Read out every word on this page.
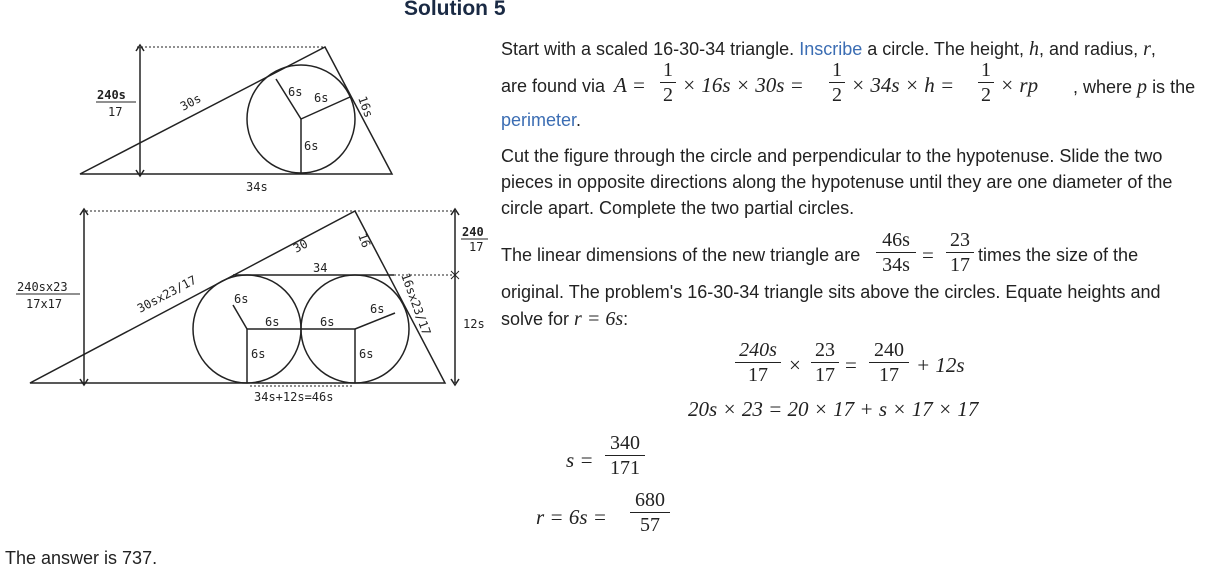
Solution 5
240s
17	30s	6s 6s
6s
16s
34s
240sx23
17x17	30sx23/17
30	16
34
6s
6s	6s
6s
6s	6s
16sx23/17
34s+12s=46s
240
17
12s
Start with a scaled 16-30-34 triangle. Inscribe a circle. The height, h, and radius, r,
are found via A =
1
2 × 16s × 30s =
1
2 × 34s × h =
1
2 × rp , where p is the
perimeter.
Cut the figure through the circle and perpendicular to the hypotenuse. Slide the two pieces in opposite directions along the hypotenuse until they are one diameter of the circle apart. Complete the two partial circles.
The linear dimensions of the new triangle are
46s
34s =
23
17 times the size of the
original. The problem's 16-30-34 triangle sits above the circles. Equate heights and
solve for r = 6s:
240s
17	×
23
17 =
240
17 + 12s
20s × 23 = 20 × 17 + s × 17 × 17
s =
340
171
r = 6s =
680
57
The answer is 737.
